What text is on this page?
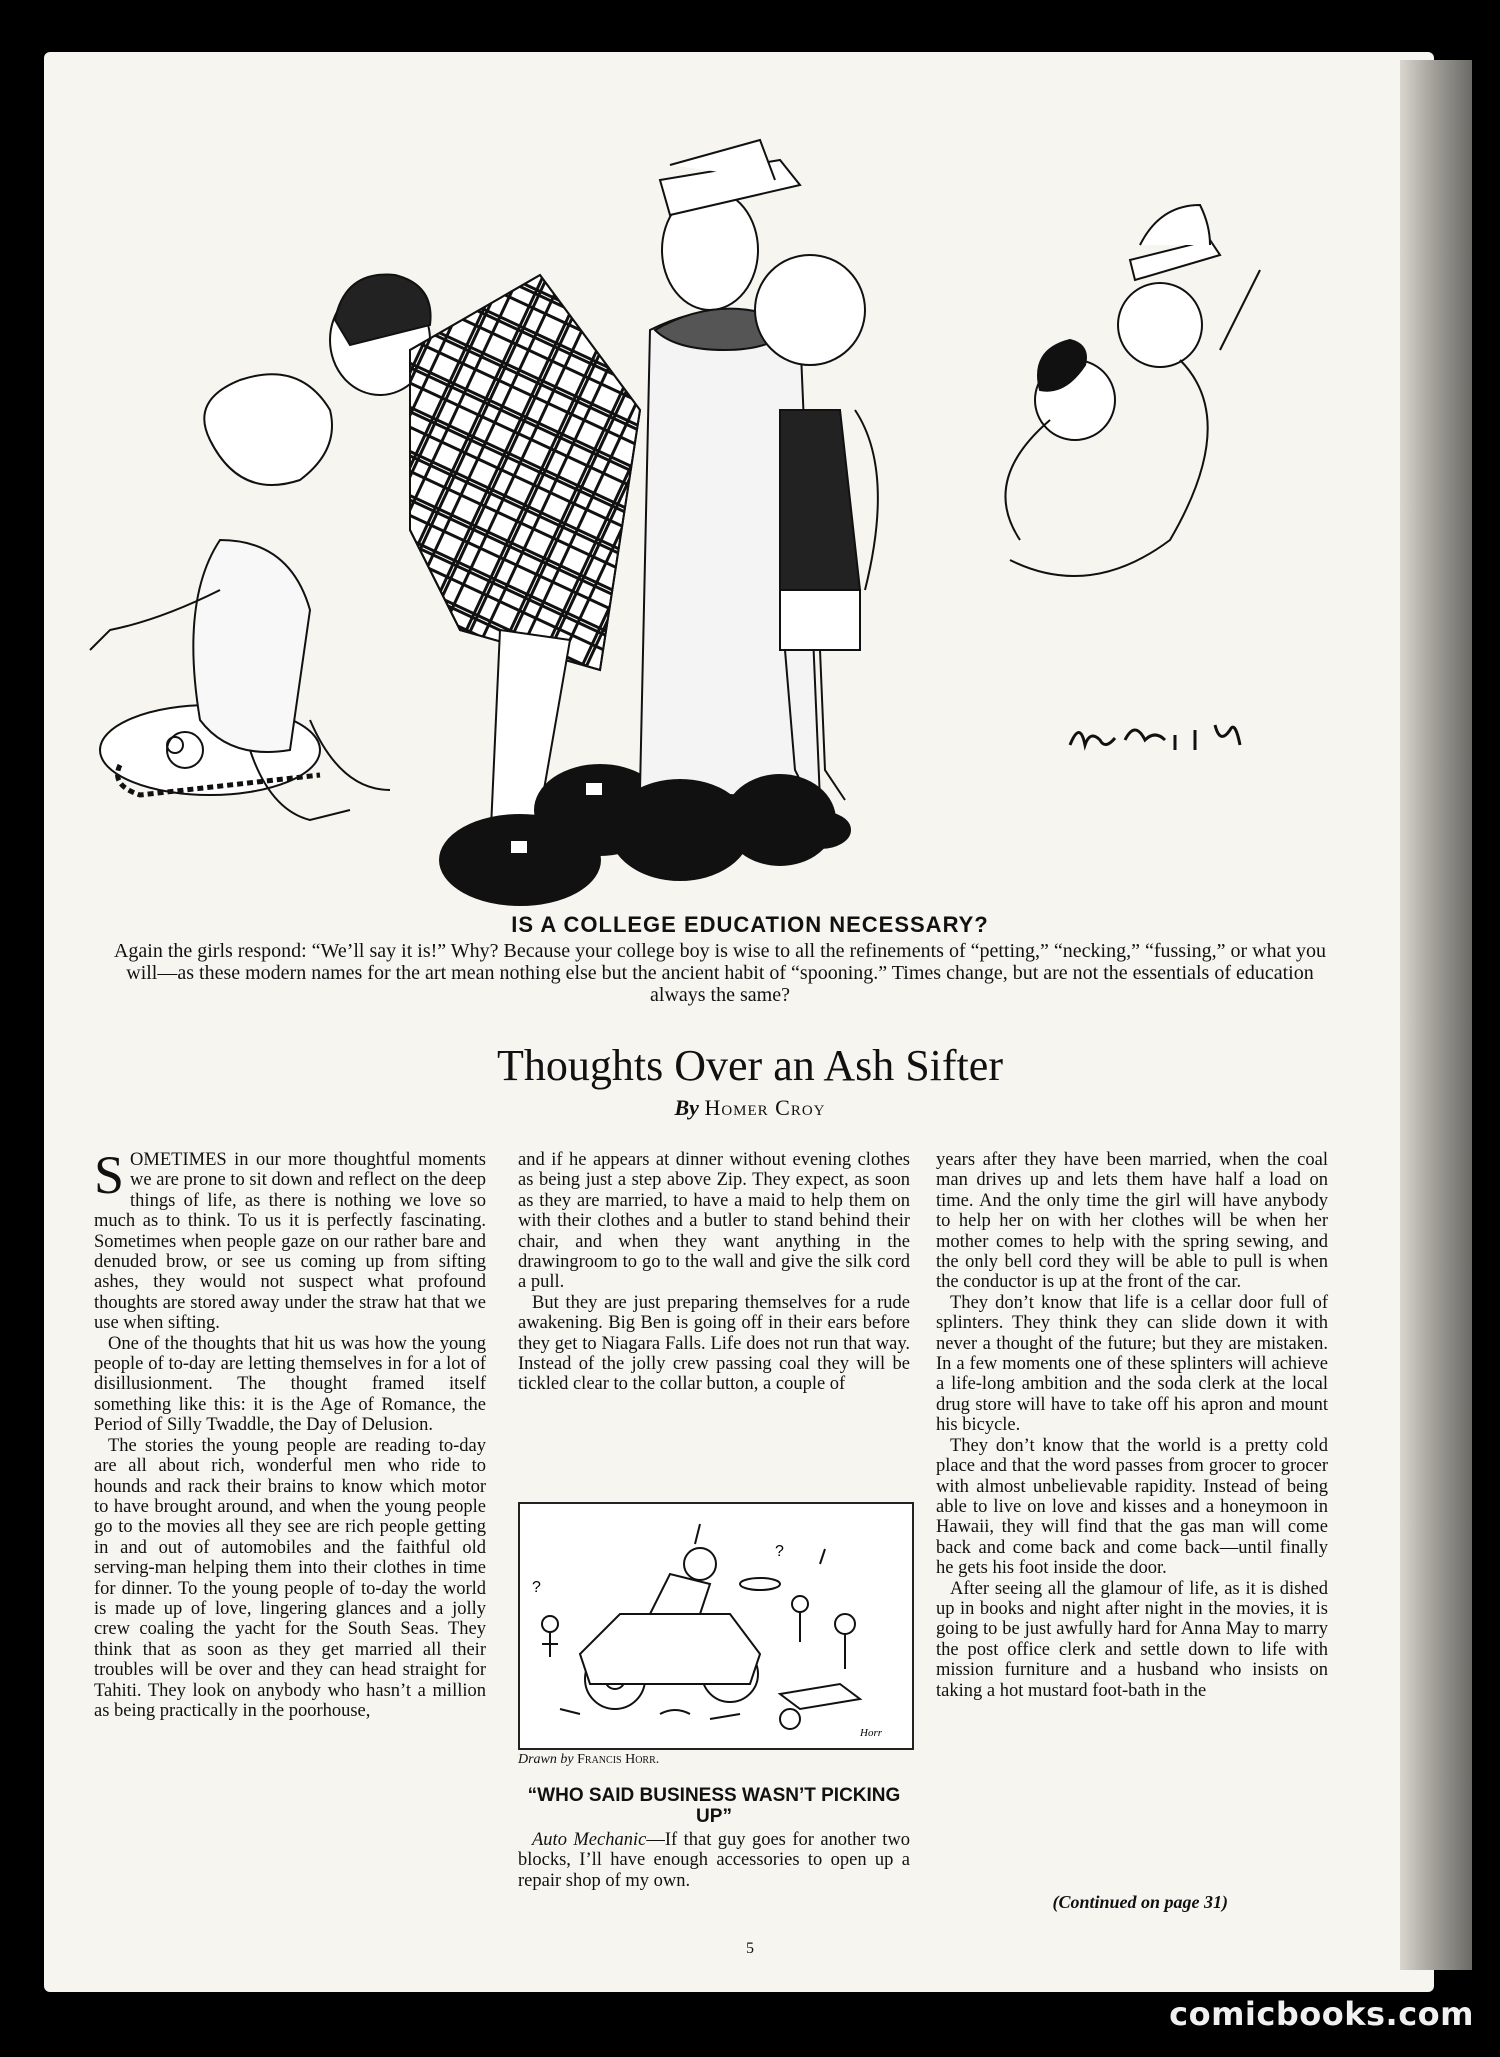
IS A COLLEGE EDUCATION NECESSARY?
Again the girls respond: “We’ll say it is!” Why? Because your college boy is wise to all the refinements of “petting,” “necking,” “fussing,” or what you will—as these modern names for the art mean nothing else but the ancient habit of “spooning.” Times change, but are not the essentials of education always the same?
Thoughts Over an Ash Sifter
By Homer Croy

SOMETIMES in our more thoughtful moments we are prone to sit down and reflect on the deep things of life, as there is nothing we love so much as to think. To us it is perfectly fascinating. Sometimes when people gaze on our rather bare and denuded brow, or see us coming up from sifting ashes, they would not suspect what profound thoughts are stored away under the straw hat that we use when sifting.

One of the thoughts that hit us was how the young people of to-day are letting themselves in for a lot of disillusionment. The thought framed itself something like this: it is the Age of Romance, the Period of Silly Twaddle, the Day of Delusion.

The stories the young people are reading to-day are all about rich, wonderful men who ride to hounds and rack their brains to know which motor to have brought around, and when the young people go to the movies all they see are rich people getting in and out of automobiles and the faithful old serving-man helping them into their clothes in time for dinner. To the young people of to-day the world is made up of love, lingering glances and a jolly crew coaling the yacht for the South Seas. They think that as soon as they get married all their troubles will be over and they can head straight for Tahiti. They look on anybody who hasn’t a million as being practically in the poorhouse,

and if he appears at dinner without evening clothes as being just a step above Zip. They expect, as soon as they are married, to have a maid to help them on with their clothes and a butler to stand behind their chair, and when they want anything in the drawingroom to go to the wall and give the silk cord a pull.

But they are just preparing themselves for a rude awakening. Big Ben is going off in their ears before they get to Niagara Falls. Life does not run that way. Instead of the jolly crew passing coal they will be tickled clear to the collar button, a couple of

?
?
Horr
Drawn by Francis Horr.
“WHO SAID BUSINESS WASN’T PICKING UP”

Auto Mechanic—If that guy goes for another two blocks, I’ll have enough accessories to open up a repair shop of my own.

years after they have been married, when the coal man drives up and lets them have half a load on time. And the only time the girl will have anybody to help her on with her clothes will be when her mother comes to help with the spring sewing, and the only bell cord they will be able to pull is when the conductor is up at the front of the car.

They don’t know that life is a cellar door full of splinters. They think they can slide down it with never a thought of the future; but they are mistaken. In a few moments one of these splinters will achieve a life-long ambition and the soda clerk at the local drug store will have to take off his apron and mount his bicycle.

They don’t know that the world is a pretty cold place and that the word passes from grocer to grocer with almost unbelievable rapidity. Instead of being able to live on love and kisses and a honeymoon in Hawaii, they will find that the gas man will come back and come back and come back—until finally he gets his foot inside the door.

After seeing all the glamour of life, as it is dished up in books and night after night in the movies, it is going to be just awfully hard for Anna May to marry the post office clerk and settle down to life with mission furniture and a husband who insists on taking a hot mustard foot-bath in the

(Continued on page 31)
5
comicbooks.com
